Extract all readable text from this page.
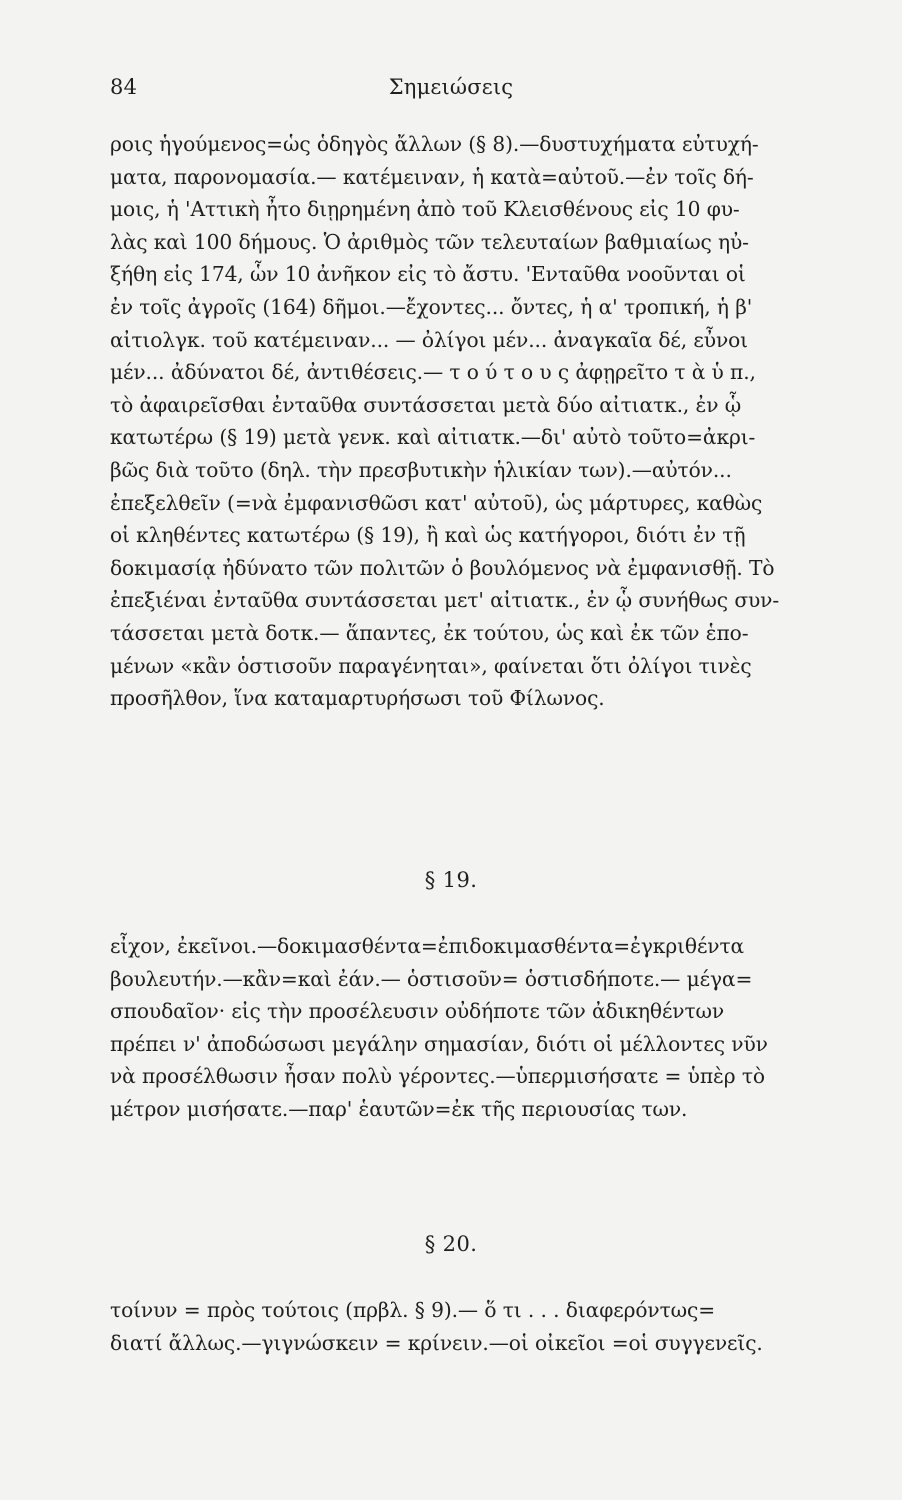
84	Σημειώσεις
ροις ἡγούμενος=ὡς ὁδηγὸς ἄλλων (§ 8).—δυστυχήματα εὐτυχή-
ματα, παρονομασία.— κατέμειναν, ἡ κατὰ=αὐτοῦ.—ἐν τοῖς δή-
μοις, ἡ 'Αττικὴ ἦτο διῃρημένη ἀπὸ τοῦ Κλεισθένους εἰς 10 φυ-
λὰς καὶ 100 δήμους. Ὁ ἀριθμὸς τῶν τελευταίων βαθμιαίως ηὐ-
ξήθη εἰς 174, ὧν 10 ἀνῆκον εἰς τὸ ἄστυ. 'Ενταῦθα νοοῦνται οἱ
ἐν τοῖς ἀγροῖς (164) δῆμοι.—ἔχοντες... ὄντες, ἡ α' τροπική, ἡ β'
αἰτιολγκ. τοῦ κατέμειναν... — ὀλίγοι μέν... ἀναγκαῖα δέ, εὖνοι
μέν... ἀδύνατοι δέ, ἀντιθέσεις.— τ ο ύ τ ο υ ς ἀφῃρεῖτο τ ὰ ὑ π.,
τὸ ἀφαιρεῖσθαι ἐνταῦθα συντάσσεται μετὰ δύο αἰτιατκ., ἐν ᾧ
κατωτέρω (§ 19) μετὰ γενκ. καὶ αἰτιατκ.—δι' αὐτὸ τοῦτο=ἀκρι-
βῶς διὰ τοῦτο (δηλ. τὴν πρεσβυτικὴν ἡλικίαν των).—αὐτόν...
ἐπεξελθεῖν (=νὰ ἐμφανισθῶσι κατ' αὐτοῦ), ὡς μάρτυρες, καθὼς
οἱ κληθέντες κατωτέρω (§ 19), ἢ καὶ ὡς κατήγοροι, διότι ἐν τῇ
δοκιμασίᾳ ἠδύνατο τῶν πολιτῶν ὁ βουλόμενος νὰ ἐμφανισθῇ. Τὸ
ἐπεξιέναι ἐνταῦθα συντάσσεται μετ' αἰτιατκ., ἐν ᾧ συνήθως συν-
τάσσεται μετὰ δοτκ.— ἅπαντες, ἐκ τούτου, ὡς καὶ ἐκ τῶν ἑπο-
μένων «κἂν ὁστισοῦν παραγένηται», φαίνεται ὅτι ὀλίγοι τινὲς
προσῆλθον, ἵνα καταμαρτυρήσωσι τοῦ Φίλωνος.
§ 19.
εἶχον, ἐκεῖνοι.—δοκιμασθέντα=ἐπιδοκιμασθέντα=ἐγκριθέντα
βουλευτήν.—κἂν=καὶ ἐάν.— ὁστισοῦν= ὁστισδήποτε.— μέγα=
σπουδαῖον· εἰς τὴν προσέλευσιν οὐδήποτε τῶν ἀδικηθέντων
πρέπει ν' ἀποδώσωσι μεγάλην σημασίαν, διότι οἱ μέλλοντες νῦν
νὰ προσέλθωσιν ἦσαν πολὺ γέροντες.—ὑπερμισήσατε = ὑπὲρ τὸ
μέτρον μισήσατε.—παρ' ἑαυτῶν=ἐκ τῆς περιουσίας των.
§ 20.
τοίνυν = πρὸς τούτοις (πρβλ. § 9).— ὅ τι . . . διαφερόντως=
διατί ἄλλως.—γιγνώσκειν = κρίνειν.—οἱ οἰκεῖοι =οἱ συγγενεῖς.
